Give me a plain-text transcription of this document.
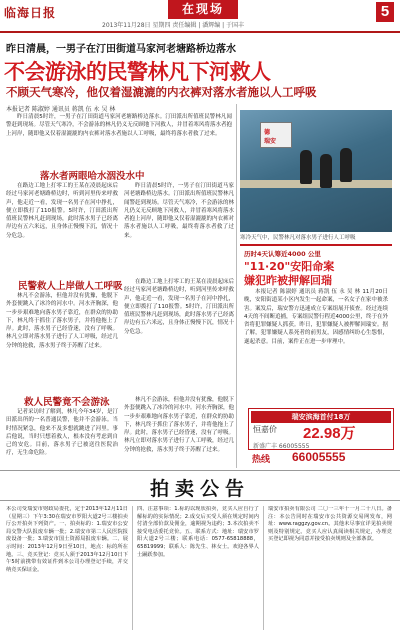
临海日报
2013年11月28日 星期四 责任编辑 | 潘辉编 | 于国丰
在现场	5
昨日清晨，一男子在汀田街道马家河老塘路桥边落水
不会游泳的民警林凡下河救人
不顾天气寒冷，他仅着湿漉漉的内衣裤对落水者施以人工呼吸
本报记者 陈淑婷 通讯员 蒋凯 伍 永 吴 林

昨日清晨5时许，一男子在汀田街道马家河老塘路桥边落水。汀田派出所值班民警林凡闻警赶到现场。尽管天气寒冷，不会游泳的林凡仍义无反顾地下河救人，并冒着寒风将落水者抱上河岸，随即他又仅着湿漉漉的内衣裤对落水者施以人工呼吸，最终将落水者救了过来。	德
瑞安
寒冷天气中，民警林凡对落水男子进行人工呼吸
落水者两眼哈水洇没水中

在路边工地上打零工的王某在凌晨起床后经过马家河老塘路桥边时，听到河里传来呼救声，他走近一看，发现一名男子在河中挣扎，便立即拨打了110报警。5时许，汀田派出所值班民警林凡赶到现场，此时落水男子已经离岸边有五六米远，且身体正慢慢下沉，情况十分危急。

昨日清晨5时许，一男子在汀田街道马家河老塘路桥边落水。汀田派出所值班民警林凡闻警赶到现场。尽管天气寒冷，不会游泳的林凡仍义无反顾地下河救人，并冒着寒风将落水者抱上河岸，随即他又仅着湿漉漉的内衣裤对落水者施以人工呼吸，最终将落水者救了过来。

民警救人上岸做人工呼吸

林凡不会游泳，但他并没有犹豫，他脱下外套便跳入了冰冷的河水中。河水齐胸深，他一步步艰难地向落水男子靠近，在群众的协助下，林凡终于抓住了落水男子，并将他拖上了岸。此时，落水男子已经昏迷，没有了呼吸。林凡立即对落水男子进行了人工呼吸，经过几分钟的抢救，落水男子终于苏醒了过来。

在路边工地上打零工的王某在凌晨起床后经过马家河老塘路桥边时，听到河里传来呼救声，他走近一看，发现一名男子在河中挣扎，便立即拨打了110报警。5时许，汀田派出所值班民警林凡赶到现场，此时落水男子已经离岸边有五六米远，且身体正慢慢下沉，情况十分危急。

救人民警竟不会游泳

记者采访时了解到，林凡今年34岁，是汀田派出所的一名普通民警，他并不会游泳。当时情况紧急，他来不及多想就跳进了河里。事后他说，当时只想着救人，根本没有考虑到自己的安危。目前，落水男子已被送往医院治疗，无生命危险。

林凡不会游泳，但他并没有犹豫，他脱下外套便跳入了冰冷的河水中。河水齐胸深，他一步步艰难地向落水男子靠近，在群众的协助下，林凡终于抓住了落水男子，并将他拖上了岸。此时，落水男子已经昏迷，没有了呼吸。林凡立即对落水男子进行了人工呼吸，经过几分钟的抢救，落水男子终于苏醒了过来。

历时4天认筹近4000 公里
"11·20"安阳命案
嫌犯昨被押解回瑞

本报记者 陈淑婷 通讯员 蒋凯 伍 永 吴 林 11月20日晚，安阳街道某小区内发生一起命案，一名女子在家中被杀害。案发后，瑞安警方迅速成立专案组展开侦查。经过连续4天的不间断追捕，专案组民警行程近4000公里，终于在外省将犯罪嫌疑人抓获。昨日，犯罪嫌疑人被押解回瑞安。据了解，犯罪嫌疑人系死者的前男友，因感情纠纷心生怨恨，遂起杀意。目前，案件正在进一步审理中。

瑞安滨海首付18万
恒嘉价 22.98万
新盛广丰 66005555
热线 66005555
拍卖公告

本公司受瑞安市财政局委托，定于2013年12月11日（星期三）下午3:30在瑞安市罗阳大道2号三楼拍卖厅公开拍卖下列资产。一、拍卖标的：1.瑞安市公安局交警大队报废车辆一批；2.瑞安市第二人民医院报废设备一批；3.瑞安市国土资源局报废车辆。二、展示时间：2013年12月9日至10日，地点：标的所在地。三、竞买登记：竞买人须于2013年12月10日下午5时前携带有效证件到本公司办理登记手续，并交纳竞买保证金。

四、注意事项：1.标的以现状拍卖，竞买人应自行了解标的的实际情况；2.成交后买受人须在规定时间内付清全部价款及佣金，逾期视为违约；3.本次拍卖不接受电话委托竞价。五、联系方式：地址：瑞安市罗阳大道2号三楼；联系电话：0577-65818888，65819999；联系人：陈先生、林女士。欢迎各界人士踊跃参加。

瑞安市拍卖有限公司 二〇一三年十一月二十八日。备注：本公告同时在瑞安市公共资源交易网发布，网址：www.raggzy.gov.cn。其他未尽事宜详见拍卖规则及特别规定。竞买人应认真阅读相关规定，办理竞买登记即视为同意并接受拍卖规则及全部条款。
